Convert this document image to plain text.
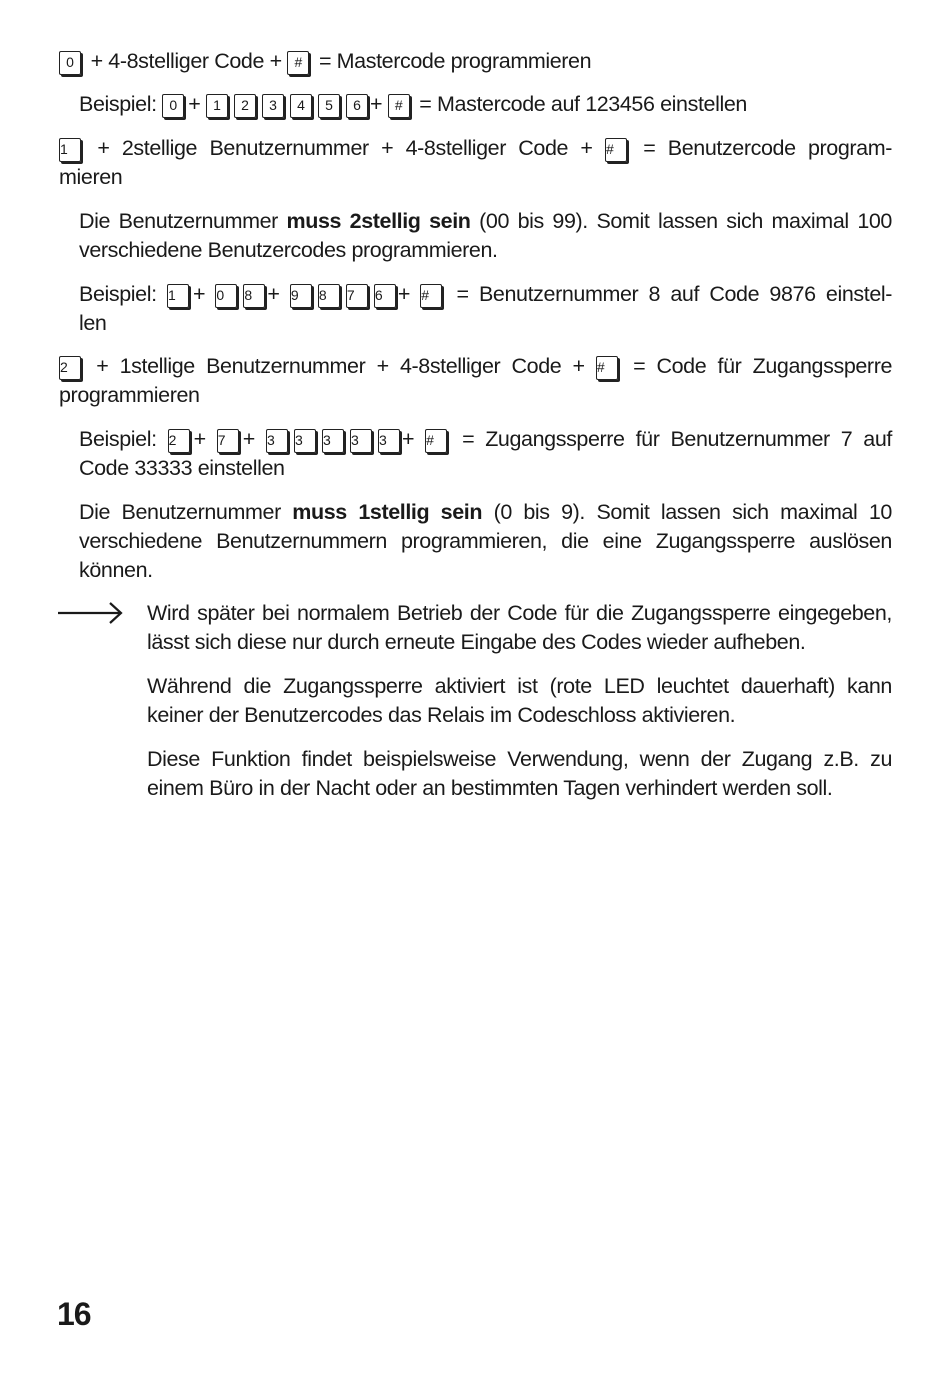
0 + 4-8stelliger Code + # = Mastercode programmieren
Beispiel: 0 + 1 2 3 4 5 6 + # = Mastercode auf 123456 einstellen
1 + 2stellige Benutzernummer + 4-8stelliger Code + # = Benutzercode program-
mieren
Die Benutzernummer muss 2stellig sein (00 bis 99). Somit lassen sich maximal 100
verschiedene Benutzercodes programmieren.
Beispiel: 1 + 0 8 + 9 8 7 6 + # = Benutzernummer 8 auf Code 9876 einstel-
len
2 + 1stellige Benutzernummer + 4-8stelliger Code + # = Code für Zugangssperre
programmieren
Beispiel: 2 + 7 + 3 3 3 3 3 + # = Zugangssperre für Benutzernummer 7 auf
Code 33333 einstellen
Die Benutzernummer muss 1stellig sein (0 bis 9). Somit lassen sich maximal 10
verschiedene Benutzernummern programmieren, die eine Zugangssperre auslösen
können.
Wird später bei normalem Betrieb der Code für die Zugangssperre eingegeben,
lässt sich diese nur durch erneute Eingabe des Codes wieder aufheben.
Während die Zugangssperre aktiviert ist (rote LED leuchtet dauerhaft) kann
keiner der Benutzercodes das Relais im Codeschloss aktivieren.
Diese Funktion findet beispielsweise Verwendung, wenn der Zugang z.B. zu
einem Büro in der Nacht oder an bestimmten Tagen verhindert werden soll.
16
